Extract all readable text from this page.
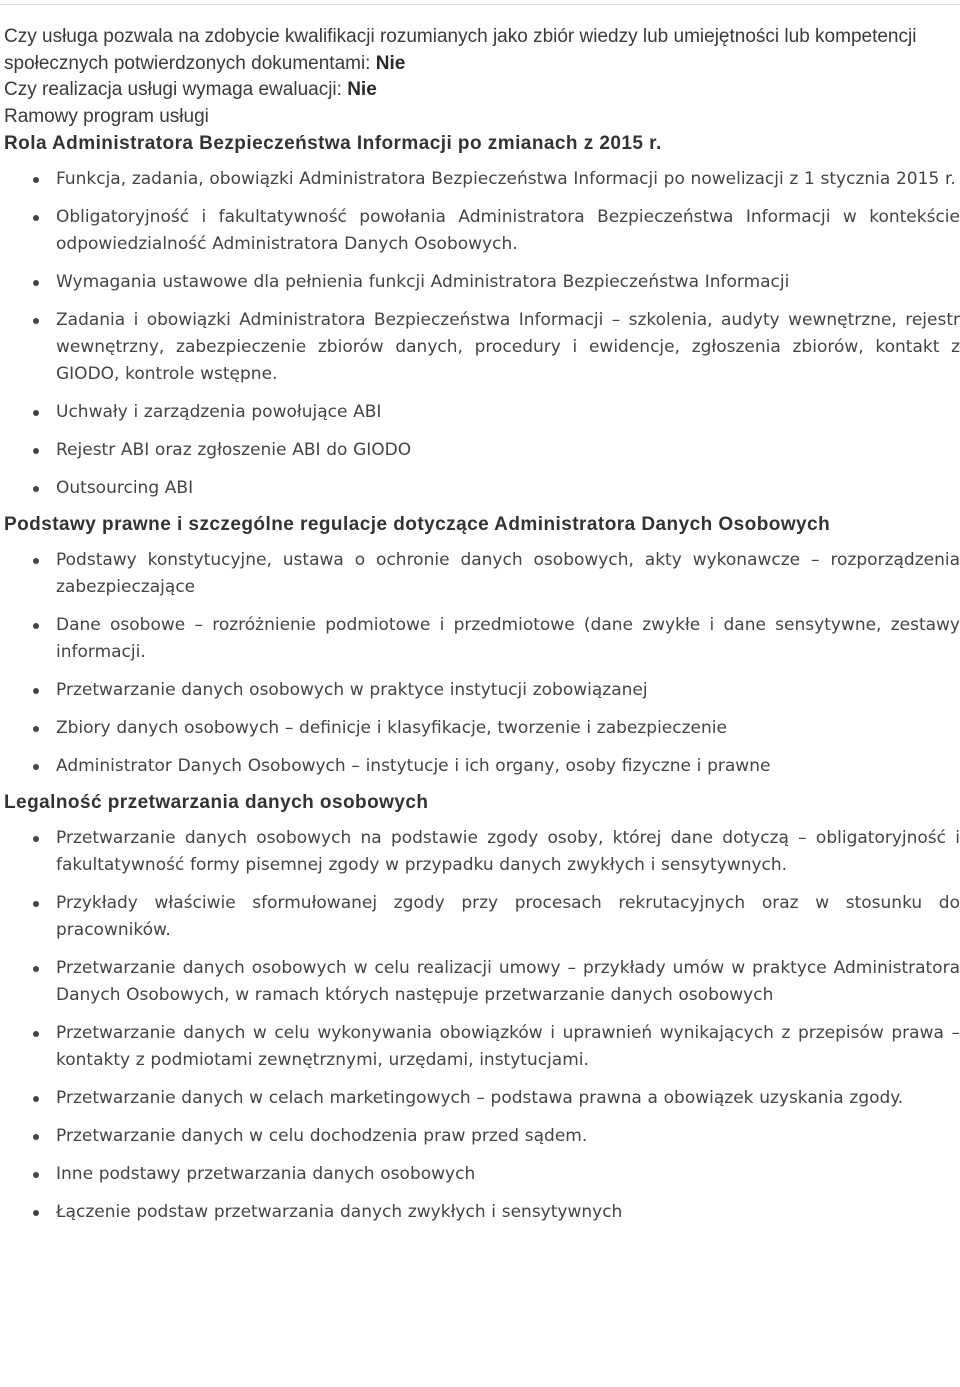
Czy usługa pozwala na zdobycie kwalifikacji rozumianych jako zbiór wiedzy lub umiejętności lub kompetencji społecznych potwierdzonych dokumentami: Nie
Czy realizacja usługi wymaga ewaluacji: Nie
Ramowy program usługi
Rola Administratora Bezpieczeństwa Informacji po zmianach z 2015 r.
Funkcja, zadania, obowiązki Administratora Bezpieczeństwa Informacji po nowelizacji z 1 stycznia 2015 r.
Obligatoryjność i fakultatywność powołania Administratora Bezpieczeństwa Informacji w kontekście odpowiedzialność Administratora Danych Osobowych.
Wymagania ustawowe dla pełnienia funkcji Administratora Bezpieczeństwa Informacji
Zadania i obowiązki Administratora Bezpieczeństwa Informacji – szkolenia, audyty wewnętrzne, rejestr wewnętrzny, zabezpieczenie zbiorów danych, procedury i ewidencje, zgłoszenia zbiorów, kontakt z GIODO, kontrole wstępne.
Uchwały i zarządzenia powołujące ABI
Rejestr ABI oraz zgłoszenie ABI do GIODO
Outsourcing ABI
Podstawy prawne i szczególne regulacje dotyczące Administratora Danych Osobowych
Podstawy konstytucyjne, ustawa o ochronie danych osobowych, akty wykonawcze – rozporządzenia zabezpieczające
Dane osobowe – rozróżnienie podmiotowe i przedmiotowe (dane zwykłe i dane sensytywne, zestawy informacji.
Przetwarzanie danych osobowych w praktyce instytucji zobowiązanej
Zbiory danych osobowych – definicje i klasyfikacje, tworzenie i zabezpieczenie
Administrator Danych Osobowych – instytucje i ich organy, osoby fizyczne i prawne
Legalność przetwarzania danych osobowych
Przetwarzanie danych osobowych na podstawie zgody osoby, której dane dotyczą – obligatoryjność i fakultatywność formy pisemnej zgody w przypadku danych zwykłych i sensytywnych.
Przykłady właściwie sformułowanej zgody przy procesach rekrutacyjnych oraz w stosunku do pracowników.
Przetwarzanie danych osobowych w celu realizacji umowy – przykłady umów w praktyce Administratora Danych Osobowych, w ramach których następuje przetwarzanie danych osobowych
Przetwarzanie danych w celu wykonywania obowiązków i uprawnień wynikających z przepisów prawa – kontakty z podmiotami zewnętrznymi, urzędami, instytucjami.
Przetwarzanie danych w celach marketingowych – podstawa prawna a obowiązek uzyskania zgody.
Przetwarzanie danych w celu dochodzenia praw przed sądem.
Inne podstawy przetwarzania danych osobowych
Łączenie podstaw przetwarzania danych zwykłych i sensytywnych
